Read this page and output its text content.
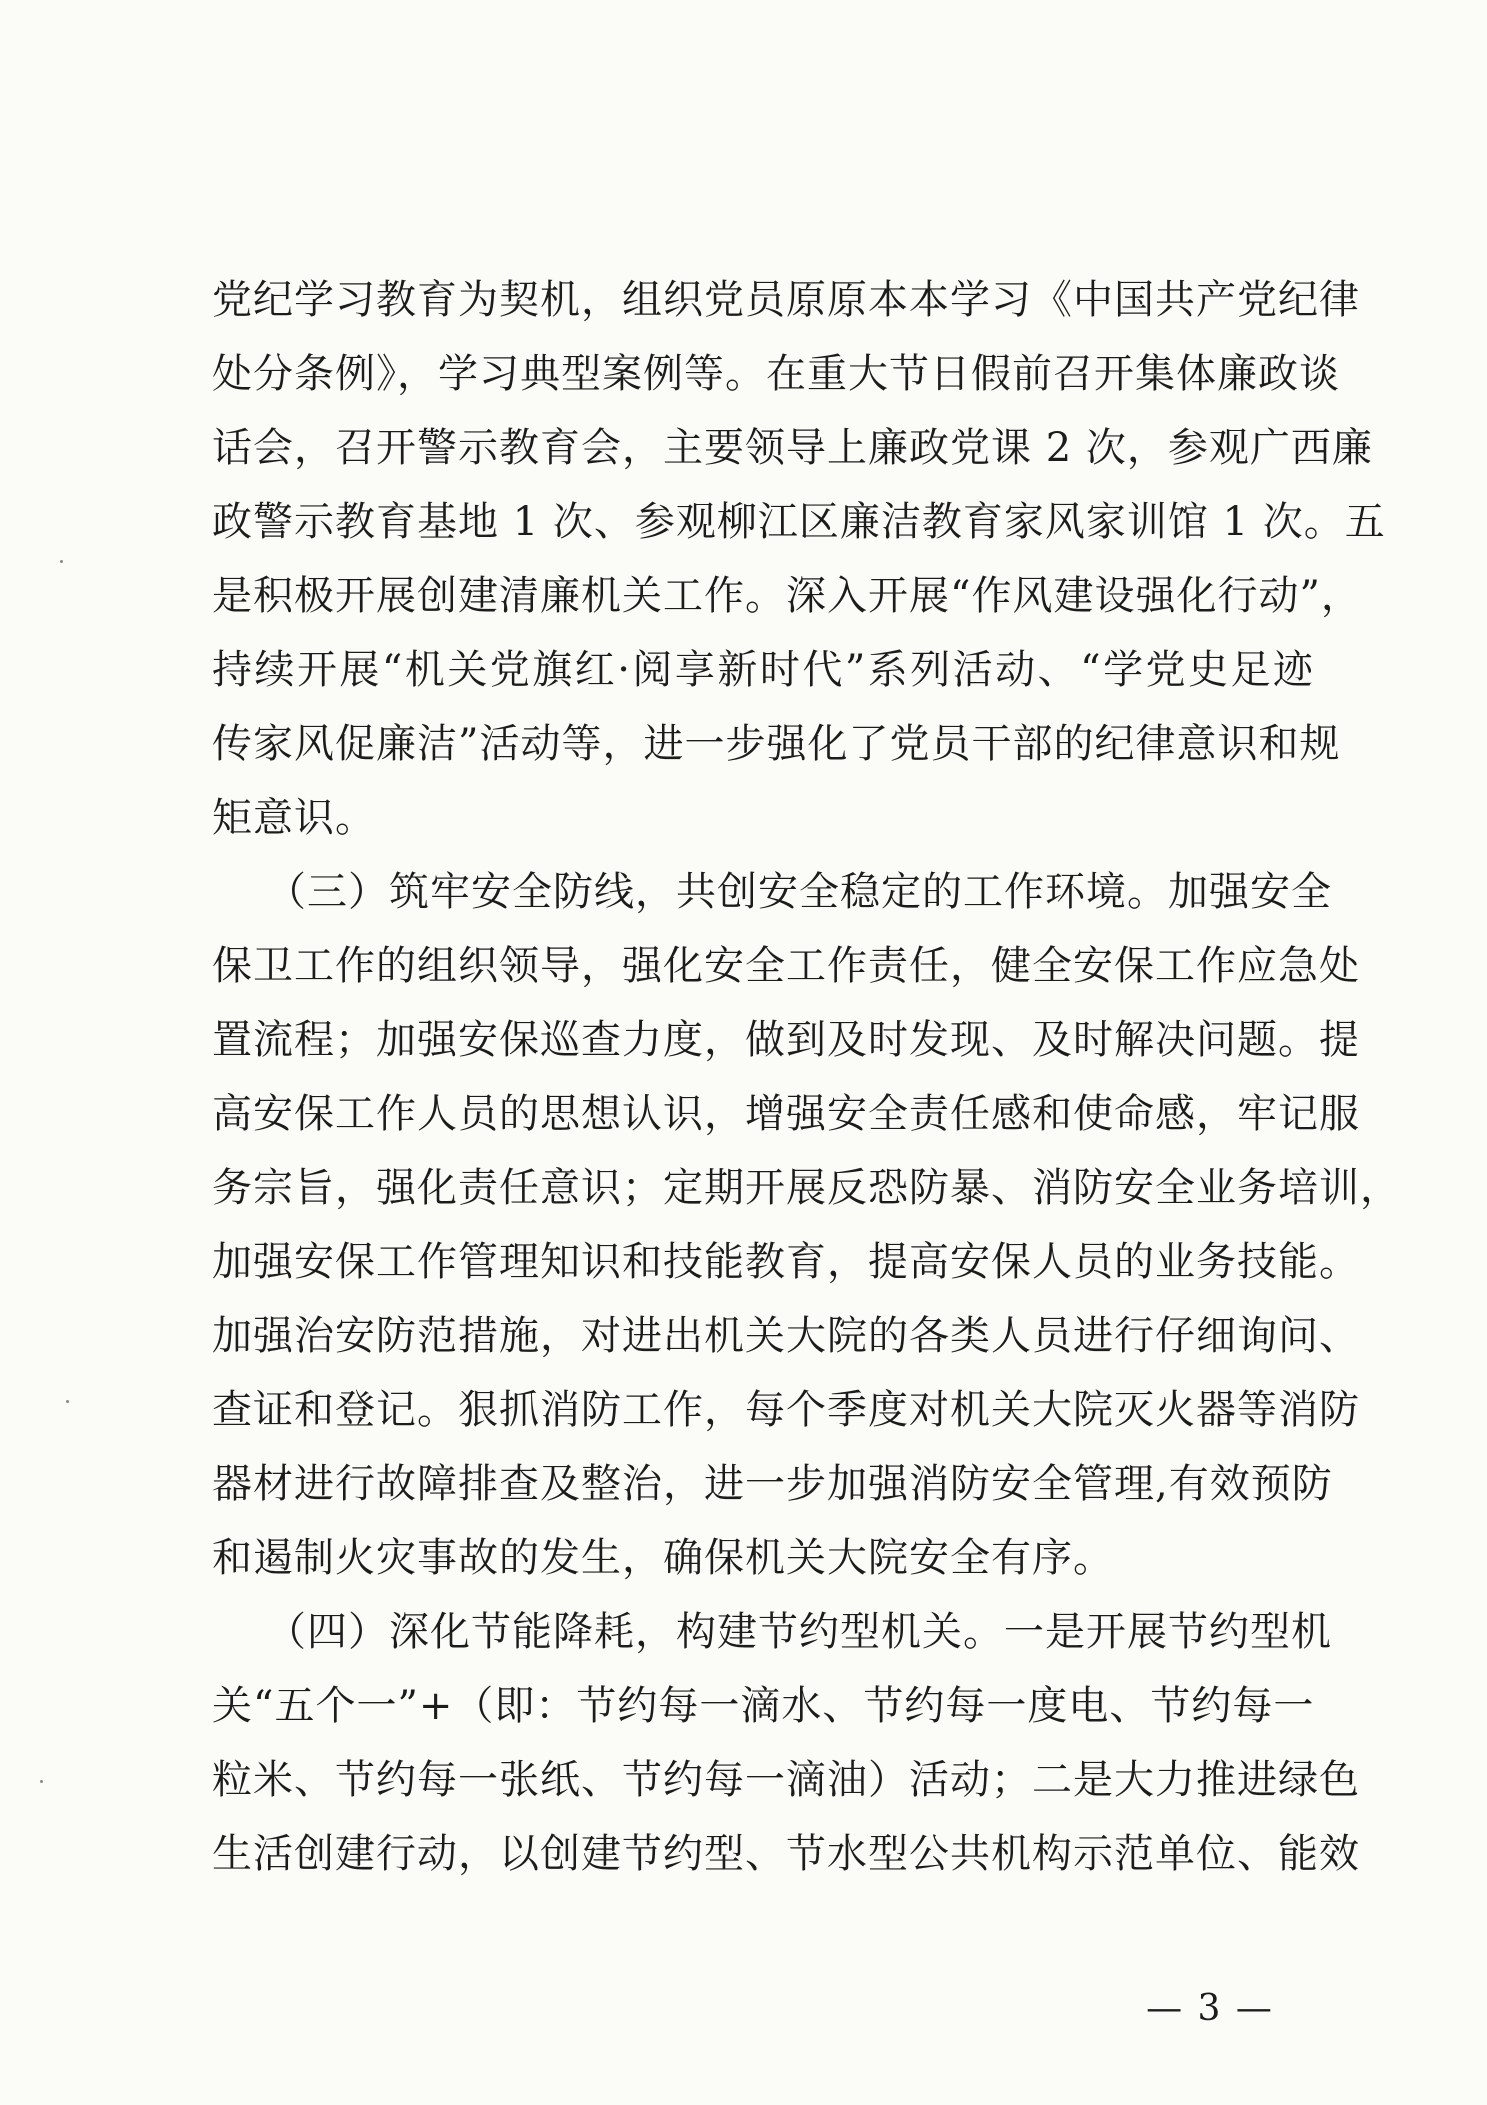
党纪学习教育为契机，组织党员原原本本学习《中国共产党纪律
处分条例》，学习典型案例等。在重大节日假前召开集体廉政谈
话会，召开警示教育会，主要领导上廉政党课 2 次，参观广西廉
政警示教育基地 1 次、参观柳江区廉洁教育家风家训馆 1 次。五
是积极开展创建清廉机关工作。深入开展“作风建设强化行动”，
持续开展“机关党旗红·阅享新时代”系列活动、“学党史足迹
传家风促廉洁”活动等，进一步强化了党员干部的纪律意识和规
矩意识。
（三）筑牢安全防线，共创安全稳定的工作环境。加强安全
保卫工作的组织领导，强化安全工作责任，健全安保工作应急处
置流程；加强安保巡查力度，做到及时发现、及时解决问题。提
高安保工作人员的思想认识，增强安全责任感和使命感，牢记服
务宗旨，强化责任意识；定期开展反恐防暴、消防安全业务培训，
加强安保工作管理知识和技能教育，提高安保人员的业务技能。
加强治安防范措施，对进出机关大院的各类人员进行仔细询问、
查证和登记。狠抓消防工作，每个季度对机关大院灭火器等消防
器材进行故障排查及整治，进一步加强消防安全管理,有效预防
和遏制火灾事故的发生，确保机关大院安全有序。
（四）深化节能降耗，构建节约型机关。一是开展节约型机
关“五个一”+（即：节约每一滴水、节约每一度电、节约每一
粒米、节约每一张纸、节约每一滴油）活动；二是大力推进绿色
生活创建行动，以创建节约型、节水型公共机构示范单位、能效
— 3 —
